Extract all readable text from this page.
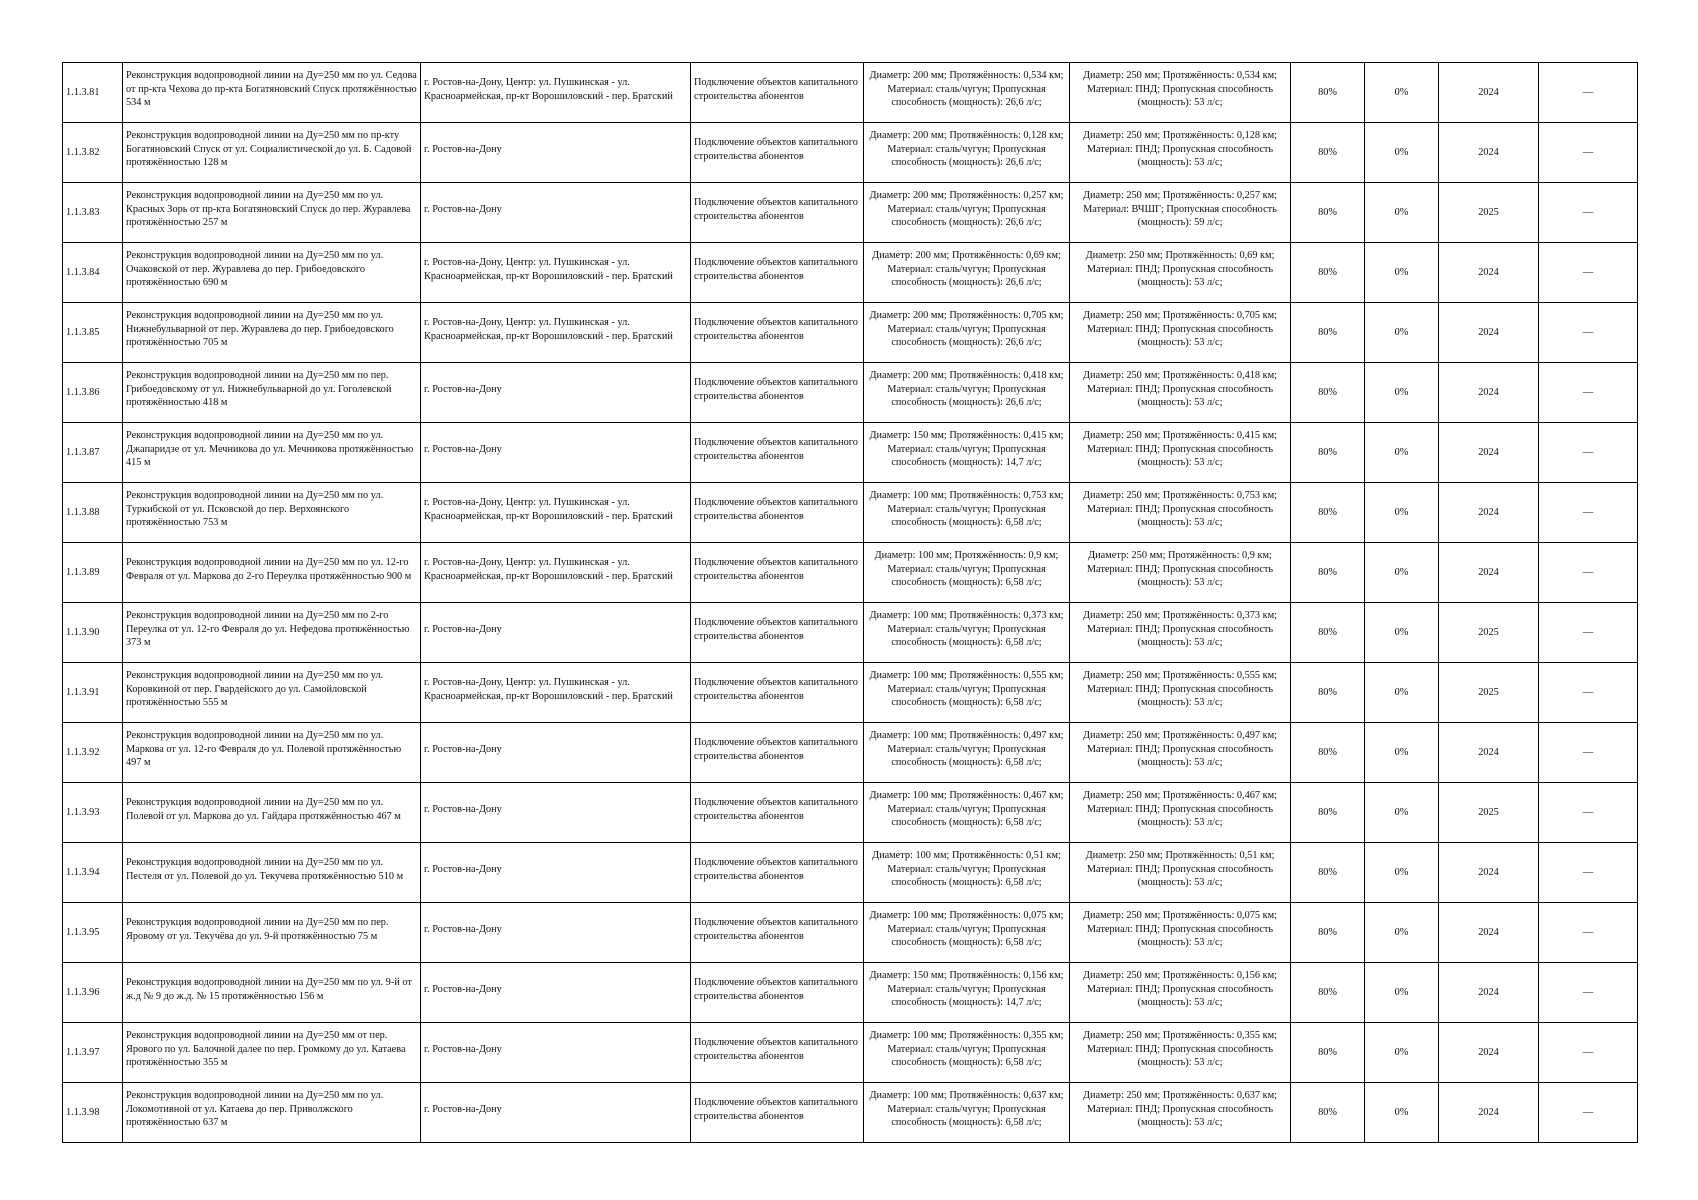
1.1.3.81	Реконструкция водопроводной линии на Ду=250 мм по ул. Седова от пр-кта Чехова до пр-кта Богатяновский Спуск протяжённостью 534 м	г. Ростов-на-Дону, Центр: ул. Пушкинская - ул. Красноармейская, пр-кт Ворошиловский - пер. Братский	Подключение объектов капитального строительства абонентов	Диаметр: 200 мм; Протяжённость: 0,534 км; Материал: сталь/чугун; Пропускная способность (мощность): 26,6 л/с;	Диаметр: 250 мм; Протяжённость: 0,534 км; Материал: ПНД; Пропускная способность (мощность): 53 л/с;	80%	0%	2024	—
1.1.3.82	Реконструкция водопроводной линии на Ду=250 мм по пр-кту Богатяновский Спуск от ул. Социалистической до ул. Б. Садовой протяжённостью 128 м	г. Ростов-на-Дону	Подключение объектов капитального строительства абонентов	Диаметр: 200 мм; Протяжённость: 0,128 км; Материал: сталь/чугун; Пропускная способность (мощность): 26,6 л/с;	Диаметр: 250 мм; Протяжённость: 0,128 км; Материал: ПНД; Пропускная способность (мощность): 53 л/с;	80%	0%	2024	—
1.1.3.83	Реконструкция водопроводной линии на Ду=250 мм по ул. Красных Зорь от пр-кта Богатяновский Спуск до пер. Журавлева протяжённостью 257 м	г. Ростов-на-Дону	Подключение объектов капитального строительства абонентов	Диаметр: 200 мм; Протяжённость: 0,257 км; Материал: сталь/чугун; Пропускная способность (мощность): 26,6 л/с;	Диаметр: 250 мм; Протяжённость: 0,257 км; Материал: ВЧШГ; Пропускная способность (мощность): 59 л/с;	80%	0%	2025	—
1.1.3.84	Реконструкция водопроводной линии на Ду=250 мм по ул. Очаковской от пер. Журавлева до пер. Грибоедовского протяжённостью 690 м	г. Ростов-на-Дону, Центр: ул. Пушкинская - ул. Красноармейская, пр-кт Ворошиловский - пер. Братский	Подключение объектов капитального строительства абонентов	Диаметр: 200 мм; Протяжённость: 0,69 км; Материал: сталь/чугун; Пропускная способность (мощность): 26,6 л/с;	Диаметр: 250 мм; Протяжённость: 0,69 км; Материал: ПНД; Пропускная способность (мощность): 53 л/с;	80%	0%	2024	—
1.1.3.85	Реконструкция водопроводной линии на Ду=250 мм по ул. Нижнебульварной от пер. Журавлева до пер. Грибоедовского протяжённостью 705 м	г. Ростов-на-Дону, Центр: ул. Пушкинская - ул. Красноармейская, пр-кт Ворошиловский - пер. Братский	Подключение объектов капитального строительства абонентов	Диаметр: 200 мм; Протяжённость: 0,705 км; Материал: сталь/чугун; Пропускная способность (мощность): 26,6 л/с;	Диаметр: 250 мм; Протяжённость: 0,705 км; Материал: ПНД; Пропускная способность (мощность): 53 л/с;	80%	0%	2024	—
1.1.3.86	Реконструкция водопроводной линии на Ду=250 мм по пер. Грибоедовскому от ул. Нижнебульварной до ул. Гоголевской протяжённостью 418 м	г. Ростов-на-Дону	Подключение объектов капитального строительства абонентов	Диаметр: 200 мм; Протяжённость: 0,418 км; Материал: сталь/чугун; Пропускная способность (мощность): 26,6 л/с;	Диаметр: 250 мм; Протяжённость: 0,418 км; Материал: ПНД; Пропускная способность (мощность): 53 л/с;	80%	0%	2024	—
1.1.3.87	Реконструкция водопроводной линии на Ду=250 мм по ул. Джапаридзе от ул. Мечникова до ул. Мечникова протяжённостью 415 м	г. Ростов-на-Дону	Подключение объектов капитального строительства абонентов	Диаметр: 150 мм; Протяжённость: 0,415 км; Материал: сталь/чугун; Пропускная способность (мощность): 14,7 л/с;	Диаметр: 250 мм; Протяжённость: 0,415 км; Материал: ПНД; Пропускная способность (мощность): 53 л/с;	80%	0%	2024	—
1.1.3.88	Реконструкция водопроводной линии на Ду=250 мм по ул. Туркибской от ул. Псковской до пер. Верхоянского протяжённостью 753 м	г. Ростов-на-Дону, Центр: ул. Пушкинская - ул. Красноармейская, пр-кт Ворошиловский - пер. Братский	Подключение объектов капитального строительства абонентов	Диаметр: 100 мм; Протяжённость: 0,753 км; Материал: сталь/чугун; Пропускная способность (мощность): 6,58 л/с;	Диаметр: 250 мм; Протяжённость: 0,753 км; Материал: ПНД; Пропускная способность (мощность): 53 л/с;	80%	0%	2024	—
1.1.3.89	Реконструкция водопроводной линии на Ду=250 мм по ул. 12-го Февраля от ул. Маркова до 2-го Переулка протяжённостью 900 м	г. Ростов-на-Дону, Центр: ул. Пушкинская - ул. Красноармейская, пр-кт Ворошиловский - пер. Братский	Подключение объектов капитального строительства абонентов	Диаметр: 100 мм; Протяжённость: 0,9 км; Материал: сталь/чугун; Пропускная способность (мощность): 6,58 л/с;	Диаметр: 250 мм; Протяжённость: 0,9 км; Материал: ПНД; Пропускная способность (мощность): 53 л/с;	80%	0%	2024	—
1.1.3.90	Реконструкция водопроводной линии на Ду=250 мм по 2-го Переулка от ул. 12-го Февраля до ул. Нефедова протяжённостью 373 м	г. Ростов-на-Дону	Подключение объектов капитального строительства абонентов	Диаметр: 100 мм; Протяжённость: 0,373 км; Материал: сталь/чугун; Пропускная способность (мощность): 6,58 л/с;	Диаметр: 250 мм; Протяжённость: 0,373 км; Материал: ПНД; Пропускная способность (мощность): 53 л/с;	80%	0%	2025	—
1.1.3.91	Реконструкция водопроводной линии на Ду=250 мм по ул. Коровкиной от пер. Гвардейского до ул. Самойловской протяжённостью 555 м	г. Ростов-на-Дону, Центр: ул. Пушкинская - ул. Красноармейская, пр-кт Ворошиловский - пер. Братский	Подключение объектов капитального строительства абонентов	Диаметр: 100 мм; Протяжённость: 0,555 км; Материал: сталь/чугун; Пропускная способность (мощность): 6,58 л/с;	Диаметр: 250 мм; Протяжённость: 0,555 км; Материал: ПНД; Пропускная способность (мощность): 53 л/с;	80%	0%	2025	—
1.1.3.92	Реконструкция водопроводной линии на Ду=250 мм по ул. Маркова от ул. 12-го Февраля до ул. Полевой протяжённостью 497 м	г. Ростов-на-Дону	Подключение объектов капитального строительства абонентов	Диаметр: 100 мм; Протяжённость: 0,497 км; Материал: сталь/чугун; Пропускная способность (мощность): 6,58 л/с;	Диаметр: 250 мм; Протяжённость: 0,497 км; Материал: ПНД; Пропускная способность (мощность): 53 л/с;	80%	0%	2024	—
1.1.3.93	Реконструкция водопроводной линии на Ду=250 мм по ул. Полевой от ул. Маркова до ул. Гайдара протяжённостью 467 м	г. Ростов-на-Дону	Подключение объектов капитального строительства абонентов	Диаметр: 100 мм; Протяжённость: 0,467 км; Материал: сталь/чугун; Пропускная способность (мощность): 6,58 л/с;	Диаметр: 250 мм; Протяжённость: 0,467 км; Материал: ПНД; Пропускная способность (мощность): 53 л/с;	80%	0%	2025	—
1.1.3.94	Реконструкция водопроводной линии на Ду=250 мм по ул. Пестеля от ул. Полевой до ул. Текучева протяжённостью 510 м	г. Ростов-на-Дону	Подключение объектов капитального строительства абонентов	Диаметр: 100 мм; Протяжённость: 0,51 км; Материал: сталь/чугун; Пропускная способность (мощность): 6,58 л/с;	Диаметр: 250 мм; Протяжённость: 0,51 км; Материал: ПНД; Пропускная способность (мощность): 53 л/с;	80%	0%	2024	—
1.1.3.95	Реконструкция водопроводной линии на Ду=250 мм по пер. Яровому от ул. Текучёва до ул. 9-й протяжённостью 75 м	г. Ростов-на-Дону	Подключение объектов капитального строительства абонентов	Диаметр: 100 мм; Протяжённость: 0,075 км; Материал: сталь/чугун; Пропускная способность (мощность): 6,58 л/с;	Диаметр: 250 мм; Протяжённость: 0,075 км; Материал: ПНД; Пропускная способность (мощность): 53 л/с;	80%	0%	2024	—
1.1.3.96	Реконструкция водопроводной линии на Ду=250 мм по ул. 9-й от ж.д № 9 до ж.д. № 15 протяжённостью 156 м	г. Ростов-на-Дону	Подключение объектов капитального строительства абонентов	Диаметр: 150 мм; Протяжённость: 0,156 км; Материал: сталь/чугун; Пропускная способность (мощность): 14,7 л/с;	Диаметр: 250 мм; Протяжённость: 0,156 км; Материал: ПНД; Пропускная способность (мощность): 53 л/с;	80%	0%	2024	—
1.1.3.97	Реконструкция водопроводной линии на Ду=250 мм от пер. Ярового по ул. Балочной далее по пер. Громкому до ул. Катаева протяжённостью 355 м	г. Ростов-на-Дону	Подключение объектов капитального строительства абонентов	Диаметр: 100 мм; Протяжённость: 0,355 км; Материал: сталь/чугун; Пропускная способность (мощность): 6,58 л/с;	Диаметр: 250 мм; Протяжённость: 0,355 км; Материал: ПНД; Пропускная способность (мощность): 53 л/с;	80%	0%	2024	—
1.1.3.98	Реконструкция водопроводной линии на Ду=250 мм по ул. Локомотивной от ул. Катаева до пер. Приволжского протяжённостью 637 м	г. Ростов-на-Дону	Подключение объектов капитального строительства абонентов	Диаметр: 100 мм; Протяжённость: 0,637 км; Материал: сталь/чугун; Пропускная способность (мощность): 6,58 л/с;	Диаметр: 250 мм; Протяжённость: 0,637 км; Материал: ПНД; Пропускная способность (мощность): 53 л/с;	80%	0%	2024	—
